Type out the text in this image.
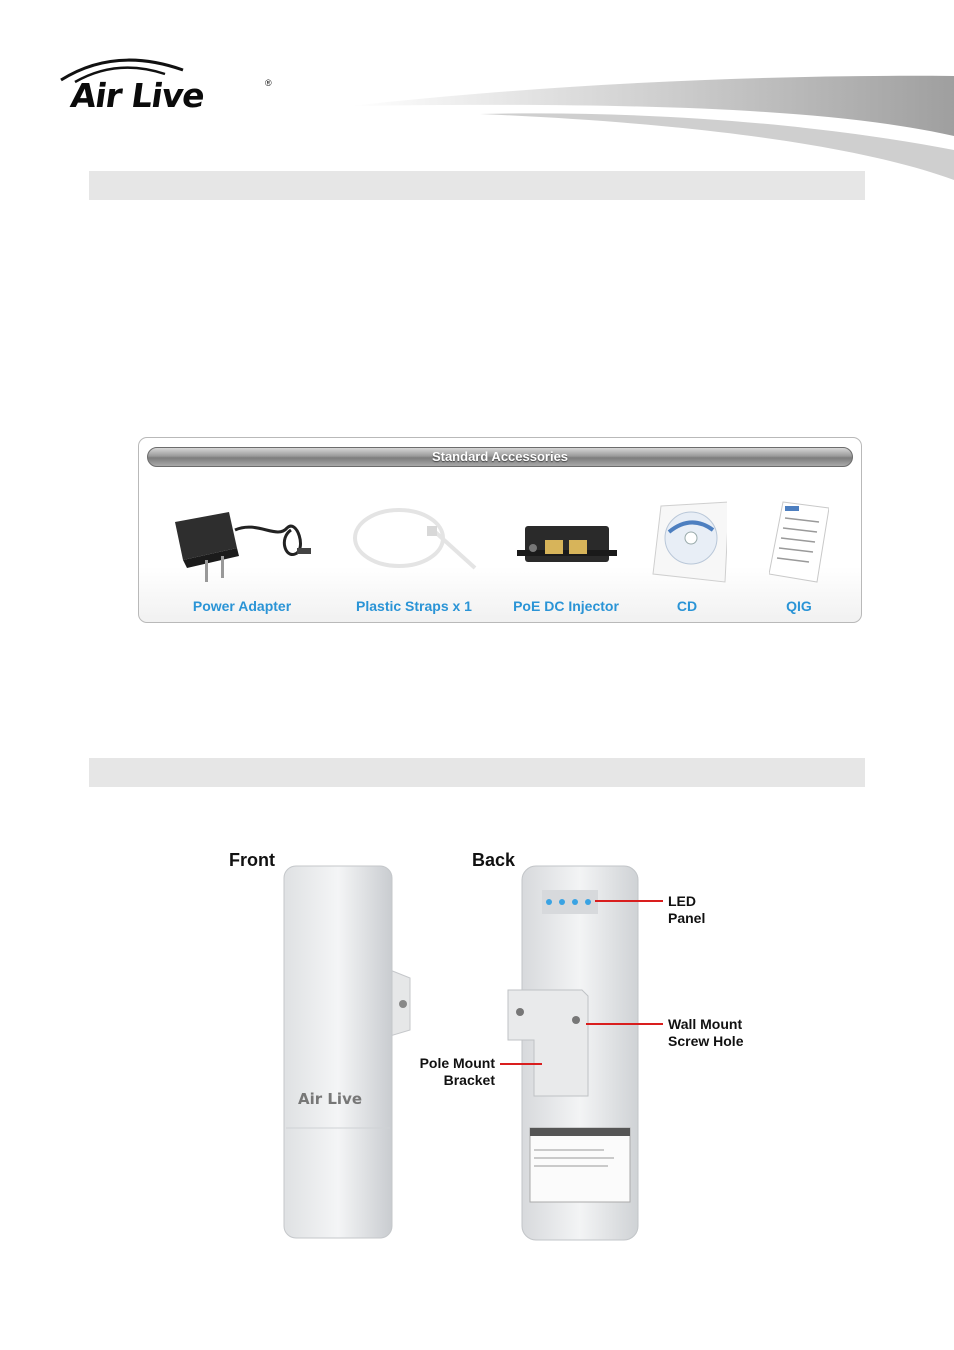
Air Live	®
Standard Accessories
Power Adapter	Plastic Straps x 1	PoE DC Injector	CD	QIG
Front	Back
Air Live
LED
Panel
Wall Mount
Screw Hole
Pole Mount
Bracket
